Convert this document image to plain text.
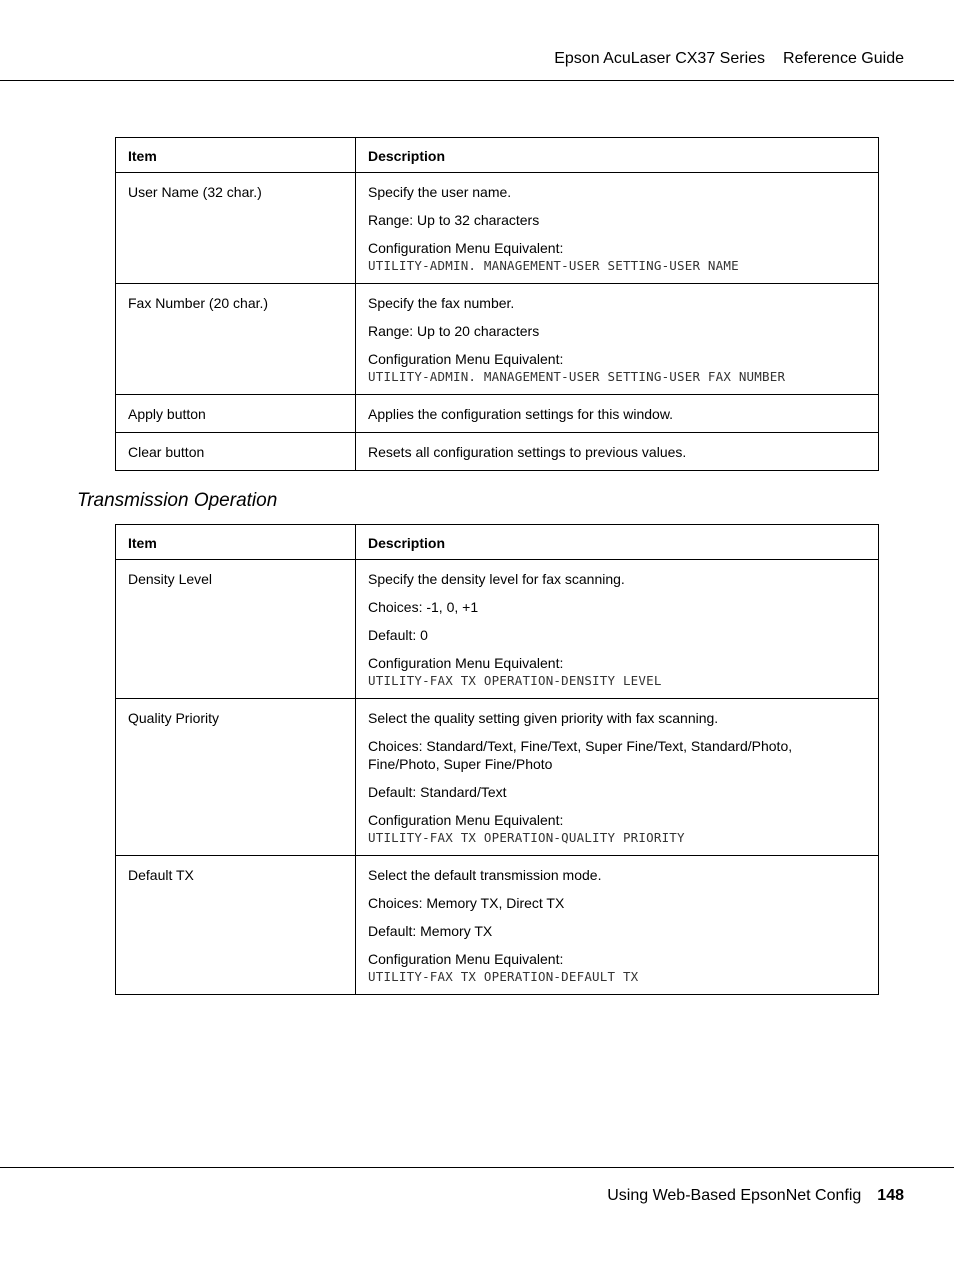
Epson AcuLaser CX37 Series Reference Guide
Item	Description
User Name (32 char.)	Specify the user name.
Range: Up to 32 characters
Configuration Menu Equivalent:
UTILITY-ADMIN. MANAGEMENT-USER SETTING-USER NAME

Fax Number (20 char.)	Specify the fax number.
Range: Up to 20 characters
Configuration Menu Equivalent:
UTILITY-ADMIN. MANAGEMENT-USER SETTING-USER FAX NUMBER

Apply button	Applies the configuration settings for this window.

Clear button	Resets all configuration settings to previous values.
Transmission Operation
Item	Description
Density Level	Specify the density level for fax scanning.
Choices: -1, 0, +1
Default: 0
Configuration Menu Equivalent:
UTILITY-FAX TX OPERATION-DENSITY LEVEL

Quality Priority	Select the quality setting given priority with fax scanning.
Choices: Standard/Text, Fine/Text, Super Fine/Text, Standard/Photo, Fine/Photo, Super Fine/Photo
Default: Standard/Text
Configuration Menu Equivalent:
UTILITY-FAX TX OPERATION-QUALITY PRIORITY

Default TX	Select the default transmission mode.
Choices: Memory TX, Direct TX
Default: Memory TX
Configuration Menu Equivalent:
UTILITY-FAX TX OPERATION-DEFAULT TX
Using Web-Based EpsonNet Config 148
